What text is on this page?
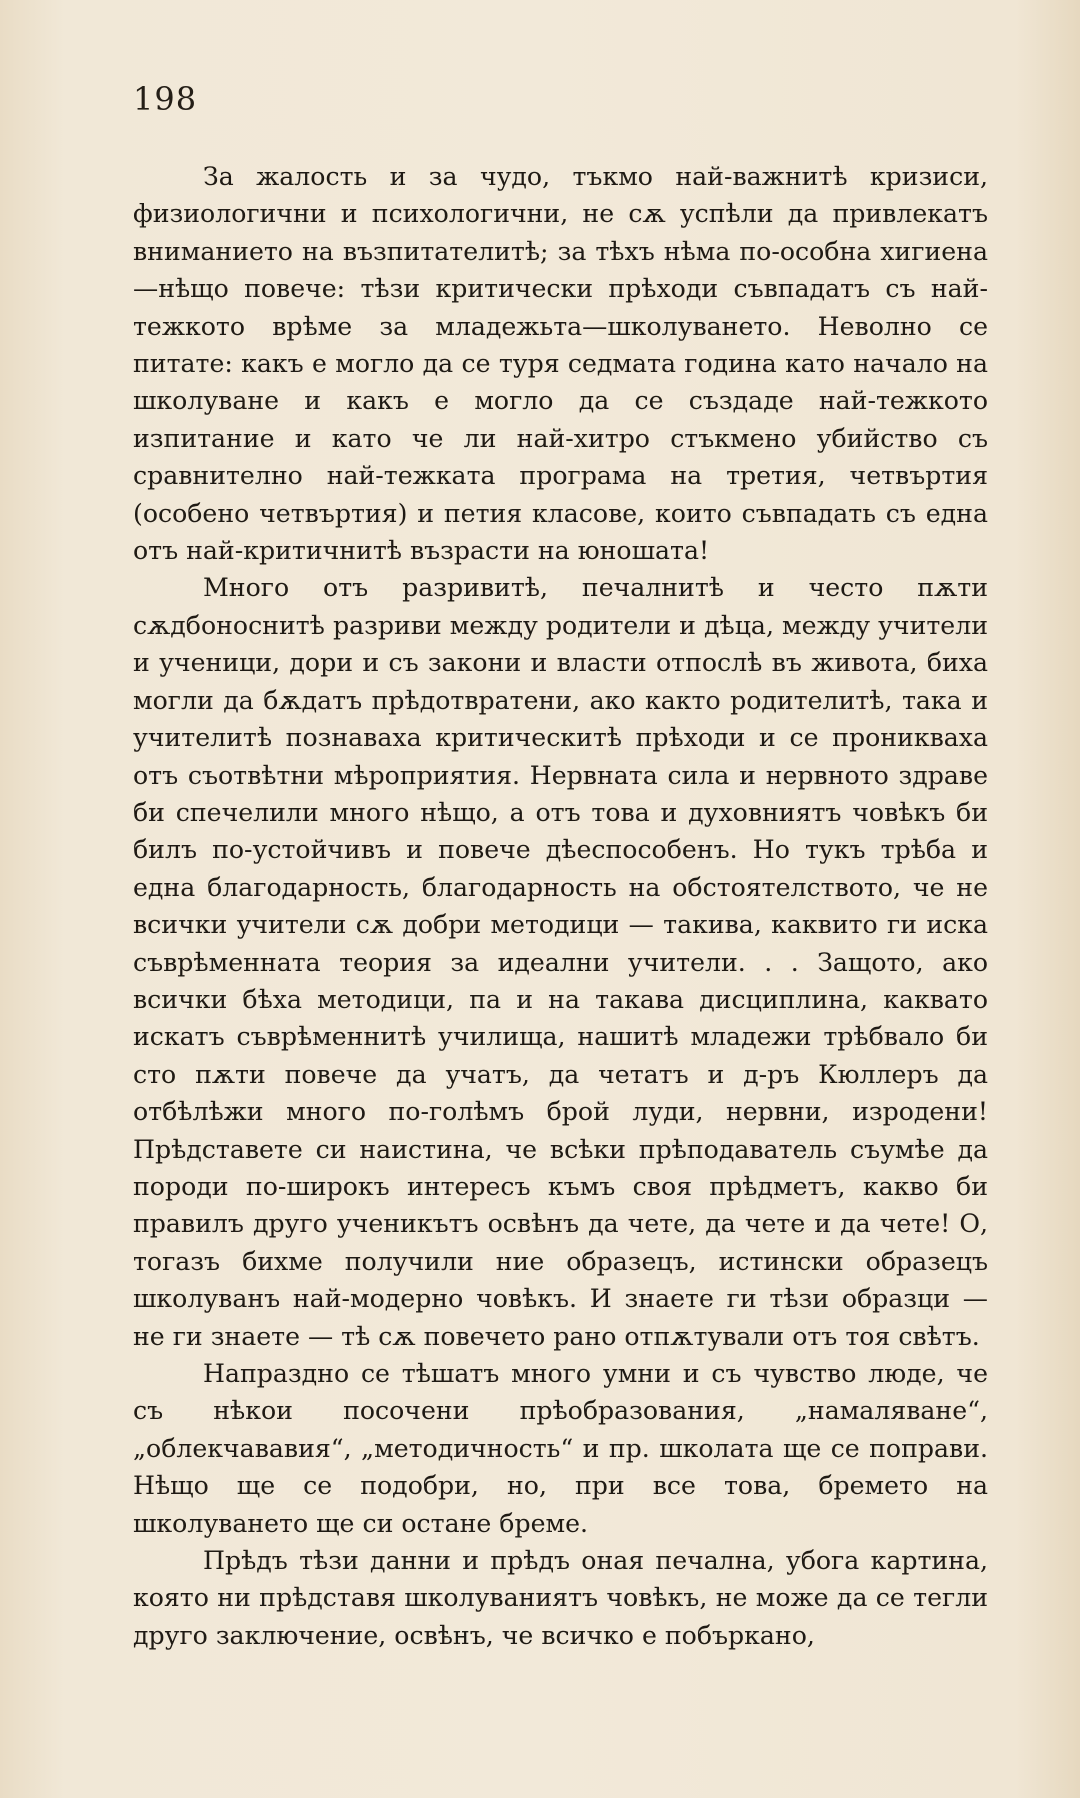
198

За жалость и за чудо, тъкмо най-важнитѣ кризиси, физиологични и психологични, не сѫ успѣли да привлекатъ вниманието на възпитателитѣ; за тѣхъ нѣма по-особна хигиена —нѣщо повече: тѣзи критически прѣходи съвпадатъ съ най-тежкото врѣме за младежьта—школуването. Неволно се питате: какъ е могло да се туря седмата година като начало на школуване и какъ е могло да се създаде най-тежкото изпитание и като че ли най-хитро стъкмено убийство съ сравнително най-тежката програма на третия, четвъртия (особено четвъртия) и петия класове, които съвпадать съ една отъ най-критичнитѣ възрасти на юношата!

Много отъ разривитѣ, печалнитѣ и често пѫти сѫдбоноснитѣ разриви между родители и дѣца, между учители и ученици, дори и съ закони и власти отпослѣ въ живота, биха могли да бѫдатъ прѣдотвратени, ако както родителитѣ, така и учителитѣ познаваха критическитѣ прѣходи и се проникваха отъ съотвѣтни мѣроприятия. Нервната сила и нервното здраве би спечелили много нѣщо, а отъ това и духовниятъ човѣкъ би билъ по-устойчивъ и повече дѣеспособенъ. Но тукъ трѣба и една благодарность, благодарность на обстоятелството, че не всички учители сѫ добри методици — такива, каквито ги иска съврѣменната теория за идеални учители. . . Защото, ако всички бѣха методици, па и на такава дисциплина, каквато искатъ съврѣменнитѣ училища, нашитѣ младежи трѣбвало би сто пѫти повече да учатъ, да четатъ и д-ръ Кюллеръ да отбѣлѣжи много по-голѣмъ брой луди, нервни, изродени! Прѣдставете си наистина, че всѣки прѣподаватель съумѣе да породи по-широкъ интересъ къмъ своя прѣдметъ, какво би правилъ друго ученикътъ освѣнъ да чете, да чете и да чете! О, тогазъ бихме получили ние образецъ, истински образецъ школуванъ най-модерно човѣкъ. И знаете ги тѣзи образци — не ги знаете — тѣ сѫ повечето рано отпѫтували отъ тоя свѣтъ.

Напраздно се тѣшатъ много умни и съ чувство люде, че съ нѣкои посочени прѣобразования, „намаляване“, „облекчававия“, „методичность“ и пр. школата ще се поправи. Нѣщо ще се подобри, но, при все това, бремето на школуването ще си остане бреме.

Прѣдъ тѣзи данни и прѣдъ оная печална, убога картина, която ни прѣдставя школуваниятъ човѣкъ, не може да се тегли друго заключение, освѣнъ, че всичко е побъркано,
